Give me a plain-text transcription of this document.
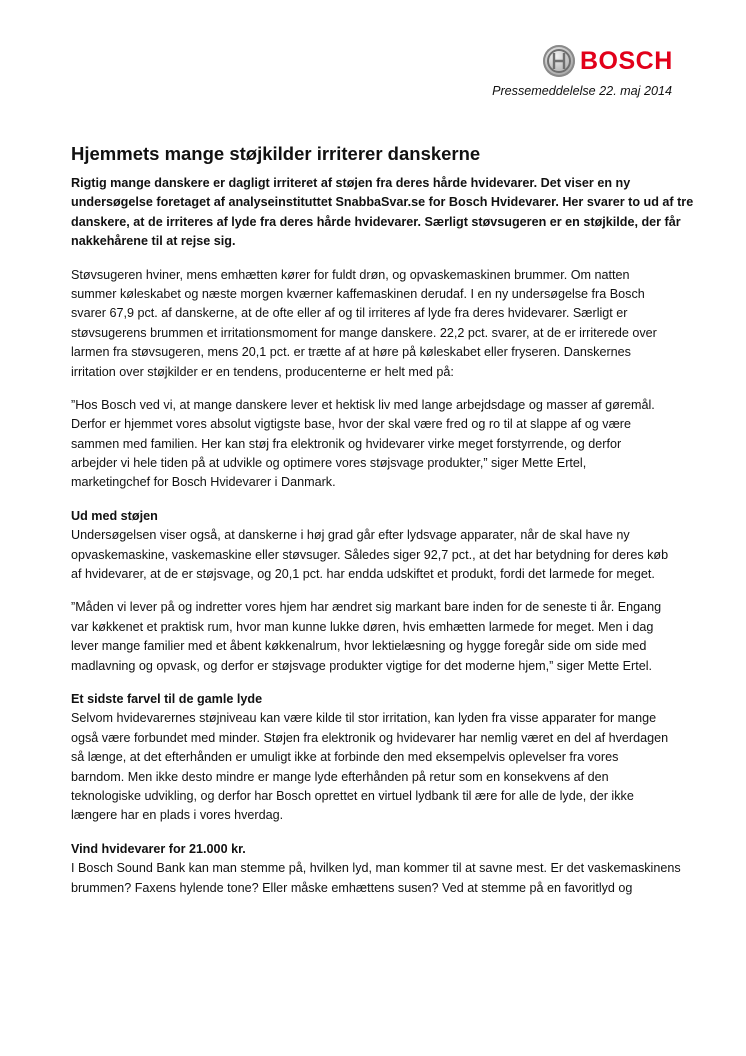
BOSCH
Pressemeddelelse 22. maj 2014
Hjemmets mange støjkilder irriterer danskerne
Rigtig mange danskere er dagligt irriteret af støjen fra deres hårde hvidevarer. Det viser en ny
undersøgelse foretaget af analyseinstituttet SnabbaSvar.se for Bosch Hvidevarer. Her svarer to ud af tre
danskere, at de irriteres af lyde fra deres hårde hvidevarer. Særligt støvsugeren er en støjkilde, der får
nakkehårene til at rejse sig.
Støvsugeren hviner, mens emhætten kører for fuldt drøn, og opvaskemaskinen brummer. Om natten
summer køleskabet og næste morgen kværner kaffemaskinen derudaf. I en ny undersøgelse fra Bosch
svarer 67,9 pct. af danskerne, at de ofte eller af og til irriteres af lyde fra deres hvidevarer. Særligt er
støvsugerens brummen et irritationsmoment for mange danskere. 22,2 pct. svarer, at de er irriterede over
larmen fra støvsugeren, mens 20,1 pct. er trætte af at høre på køleskabet eller fryseren. Danskernes
irritation over støjkilder er en tendens, producenterne er helt med på:
”Hos Bosch ved vi, at mange danskere lever et hektisk liv med lange arbejdsdage og masser af gøremål.
Derfor er hjemmet vores absolut vigtigste base, hvor der skal være fred og ro til at slappe af og være
sammen med familien. Her kan støj fra elektronik og hvidevarer virke meget forstyrrende, og derfor
arbejder vi hele tiden på at udvikle og optimere vores støjsvage produkter,” siger Mette Ertel,
marketingchef for Bosch Hvidevarer i Danmark.
Ud med støjen
Undersøgelsen viser også, at danskerne i høj grad går efter lydsvage apparater, når de skal have ny
opvaskemaskine, vaskemaskine eller støvsuger. Således siger 92,7 pct., at det har betydning for deres køb
af hvidevarer, at de er støjsvage, og 20,1 pct. har endda udskiftet et produkt, fordi det larmede for meget.
”Måden vi lever på og indretter vores hjem har ændret sig markant bare inden for de seneste ti år. Engang
var køkkenet et praktisk rum, hvor man kunne lukke døren, hvis emhætten larmede for meget. Men i dag
lever mange familier med et åbent køkkenalrum, hvor lektielæsning og hygge foregår side om side med
madlavning og opvask, og derfor er støjsvage produkter vigtige for det moderne hjem,” siger Mette Ertel.
Et sidste farvel til de gamle lyde
Selvom hvidevarernes støjniveau kan være kilde til stor irritation, kan lyden fra visse apparater for mange
også være forbundet med minder. Støjen fra elektronik og hvidevarer har nemlig været en del af hverdagen
så længe, at det efterhånden er umuligt ikke at forbinde den med eksempelvis oplevelser fra vores
barndom. Men ikke desto mindre er mange lyde efterhånden på retur som en konsekvens af den
teknologiske udvikling, og derfor har Bosch oprettet en virtuel lydbank til ære for alle de lyde, der ikke
længere har en plads i vores hverdag.
Vind hvidevarer for 21.000 kr.
I Bosch Sound Bank kan man stemme på, hvilken lyd, man kommer til at savne mest. Er det vaskemaskinens
brummen? Faxens hylende tone? Eller måske emhættens susen? Ved at stemme på en favoritlyd og
